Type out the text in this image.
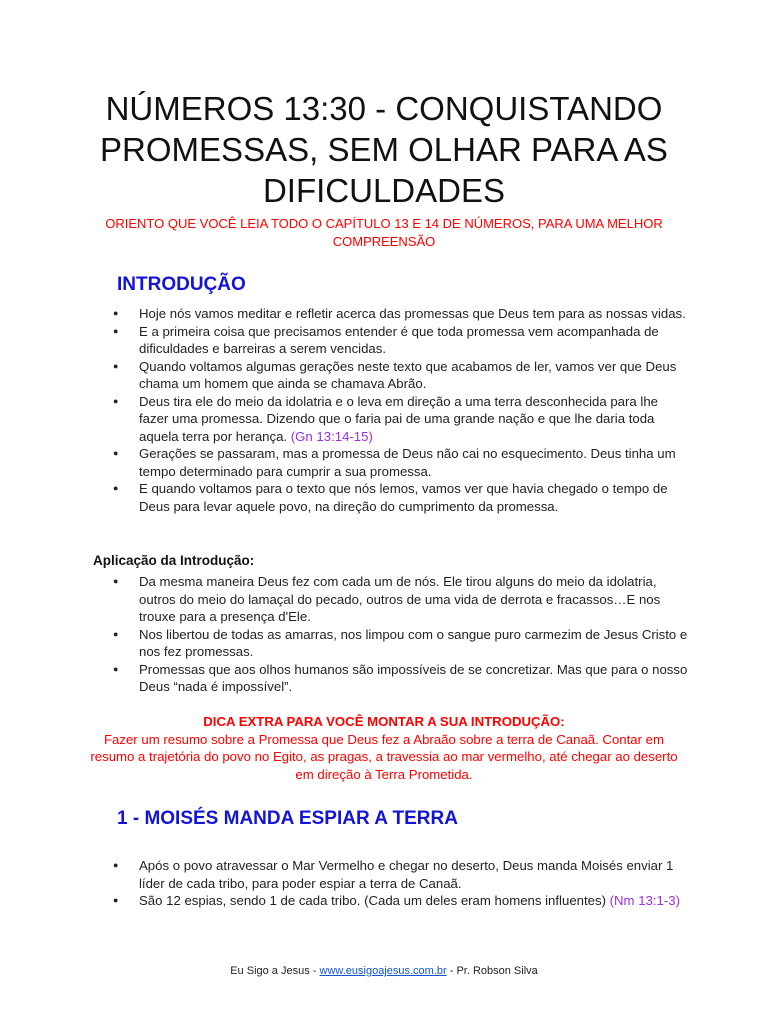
NÚMEROS 13:30 - CONQUISTANDO PROMESSAS, SEM OLHAR PARA AS DIFICULDADES
ORIENTO QUE VOCÊ LEIA TODO O CAPÍTULO 13 E 14 DE NÚMEROS, PARA UMA MELHOR COMPREENSÃO
INTRODUÇÃO
● Hoje nós vamos meditar e refletir acerca das promessas que Deus tem para as nossas vidas.
● E a primeira coisa que precisamos entender é que toda promessa vem acompanhada de dificuldades e barreiras a serem vencidas.
● Quando voltamos algumas gerações neste texto que acabamos de ler, vamos ver que Deus chama um homem que ainda se chamava Abrão.
● Deus tira ele do meio da idolatria e o leva em direção a uma terra desconhecida para lhe fazer uma promessa. Dizendo que o faria pai de uma grande nação e que lhe daria toda aquela terra por herança. (Gn 13:14-15)
● Gerações se passaram, mas a promessa de Deus não cai no esquecimento. Deus tinha um tempo determinado para cumprir a sua promessa.
● E quando voltamos para o texto que nós lemos, vamos ver que havia chegado o tempo de Deus para levar aquele povo, na direção do cumprimento da promessa.
Aplicação da Introdução:
● Da mesma maneira Deus fez com cada um de nós. Ele tirou alguns do meio da idolatria, outros do meio do lamaçal do pecado, outros de uma vida de derrota e fracassos…E nos trouxe para a presença d'Ele.
● Nos libertou de todas as amarras, nos limpou com o sangue puro carmezim de Jesus Cristo e nos fez promessas.
● Promessas que aos olhos humanos são impossíveis de se concretizar. Mas que para o nosso Deus “nada é impossível”.
DICA EXTRA PARA VOCÊ MONTAR A SUA INTRODUÇÃO:
Fazer um resumo sobre a Promessa que Deus fez a Abraão sobre a terra de Canaã. Contar em resumo a trajetória do povo no Egito, as pragas, a travessia ao mar vermelho, até chegar ao deserto em direção à Terra Prometida.
1 - MOISÉS MANDA ESPIAR A TERRA
● Após o povo atravessar o Mar Vermelho e chegar no deserto, Deus manda Moisés enviar 1 líder de cada tribo, para poder espiar a terra de Canaã.
● São 12 espias, sendo 1 de cada tribo. (Cada um deles eram homens influentes) (Nm 13:1-3)
Eu Sigo a Jesus - www.eusigoajesus.com.br - Pr. Robson Silva
